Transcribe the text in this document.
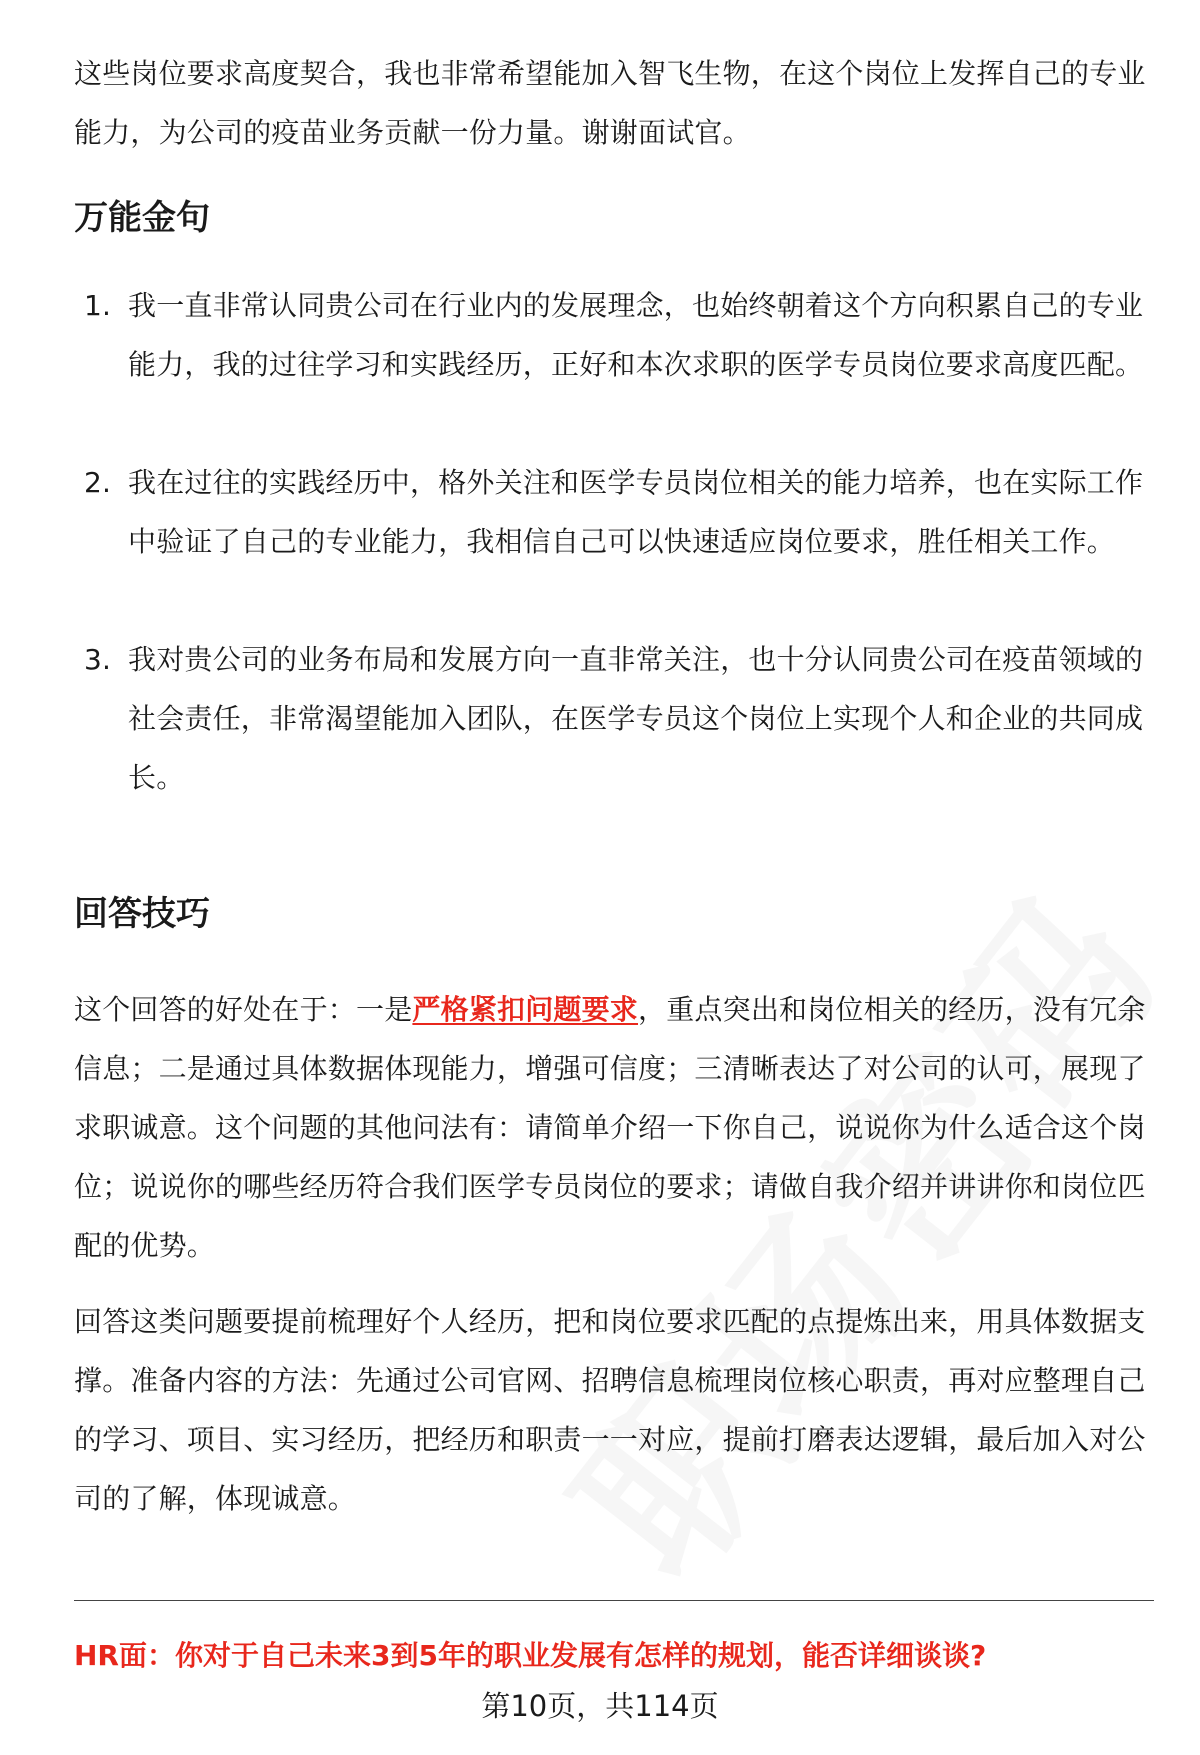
这些岗位要求高度契合，我也非常希望能加入智飞生物，在这个岗位上发挥自己的专业能力，为公司的疫苗业务贡献一份力量。谢谢面试官。

万能金句
1. 我一直非常认同贵公司在行业内的发展理念，也始终朝着这个方向积累自己的专业能力，我的过往学习和实践经历，正好和本次求职的医学专员岗位要求高度匹配。
2. 我在过往的实践经历中，格外关注和医学专员岗位相关的能力培养，也在实际工作中验证了自己的专业能力，我相信自己可以快速适应岗位要求，胜任相关工作。
3. 我对贵公司的业务布局和发展方向一直非常关注，也十分认同贵公司在疫苗领域的社会责任，非常渴望能加入团队，在医学专员这个岗位上实现个人和企业的共同成长。
回答技巧

这个回答的好处在于：一是严格紧扣问题要求，重点突出和岗位相关的经历，没有冗余信息；二是通过具体数据体现能力，增强可信度；三清晰表达了对公司的认可，展现了求职诚意。这个问题的其他问法有：请简单介绍一下你自己，说说你为什么适合这个岗位；说说你的哪些经历符合我们医学专员岗位的要求；请做自我介绍并讲讲你和岗位匹配的优势。

回答这类问题要提前梳理好个人经历，把和岗位要求匹配的点提炼出来，用具体数据支撑。准备内容的方法：先通过公司官网、招聘信息梳理岗位核心职责，再对应整理自己的学习、项目、实习经历，把经历和职责一一对应，提前打磨表达逻辑，最后加入对公司的了解，体现诚意。

HR面：你对于自己未来3到5年的职业发展有怎样的规划，能否详细谈谈?
第10页，共114页
